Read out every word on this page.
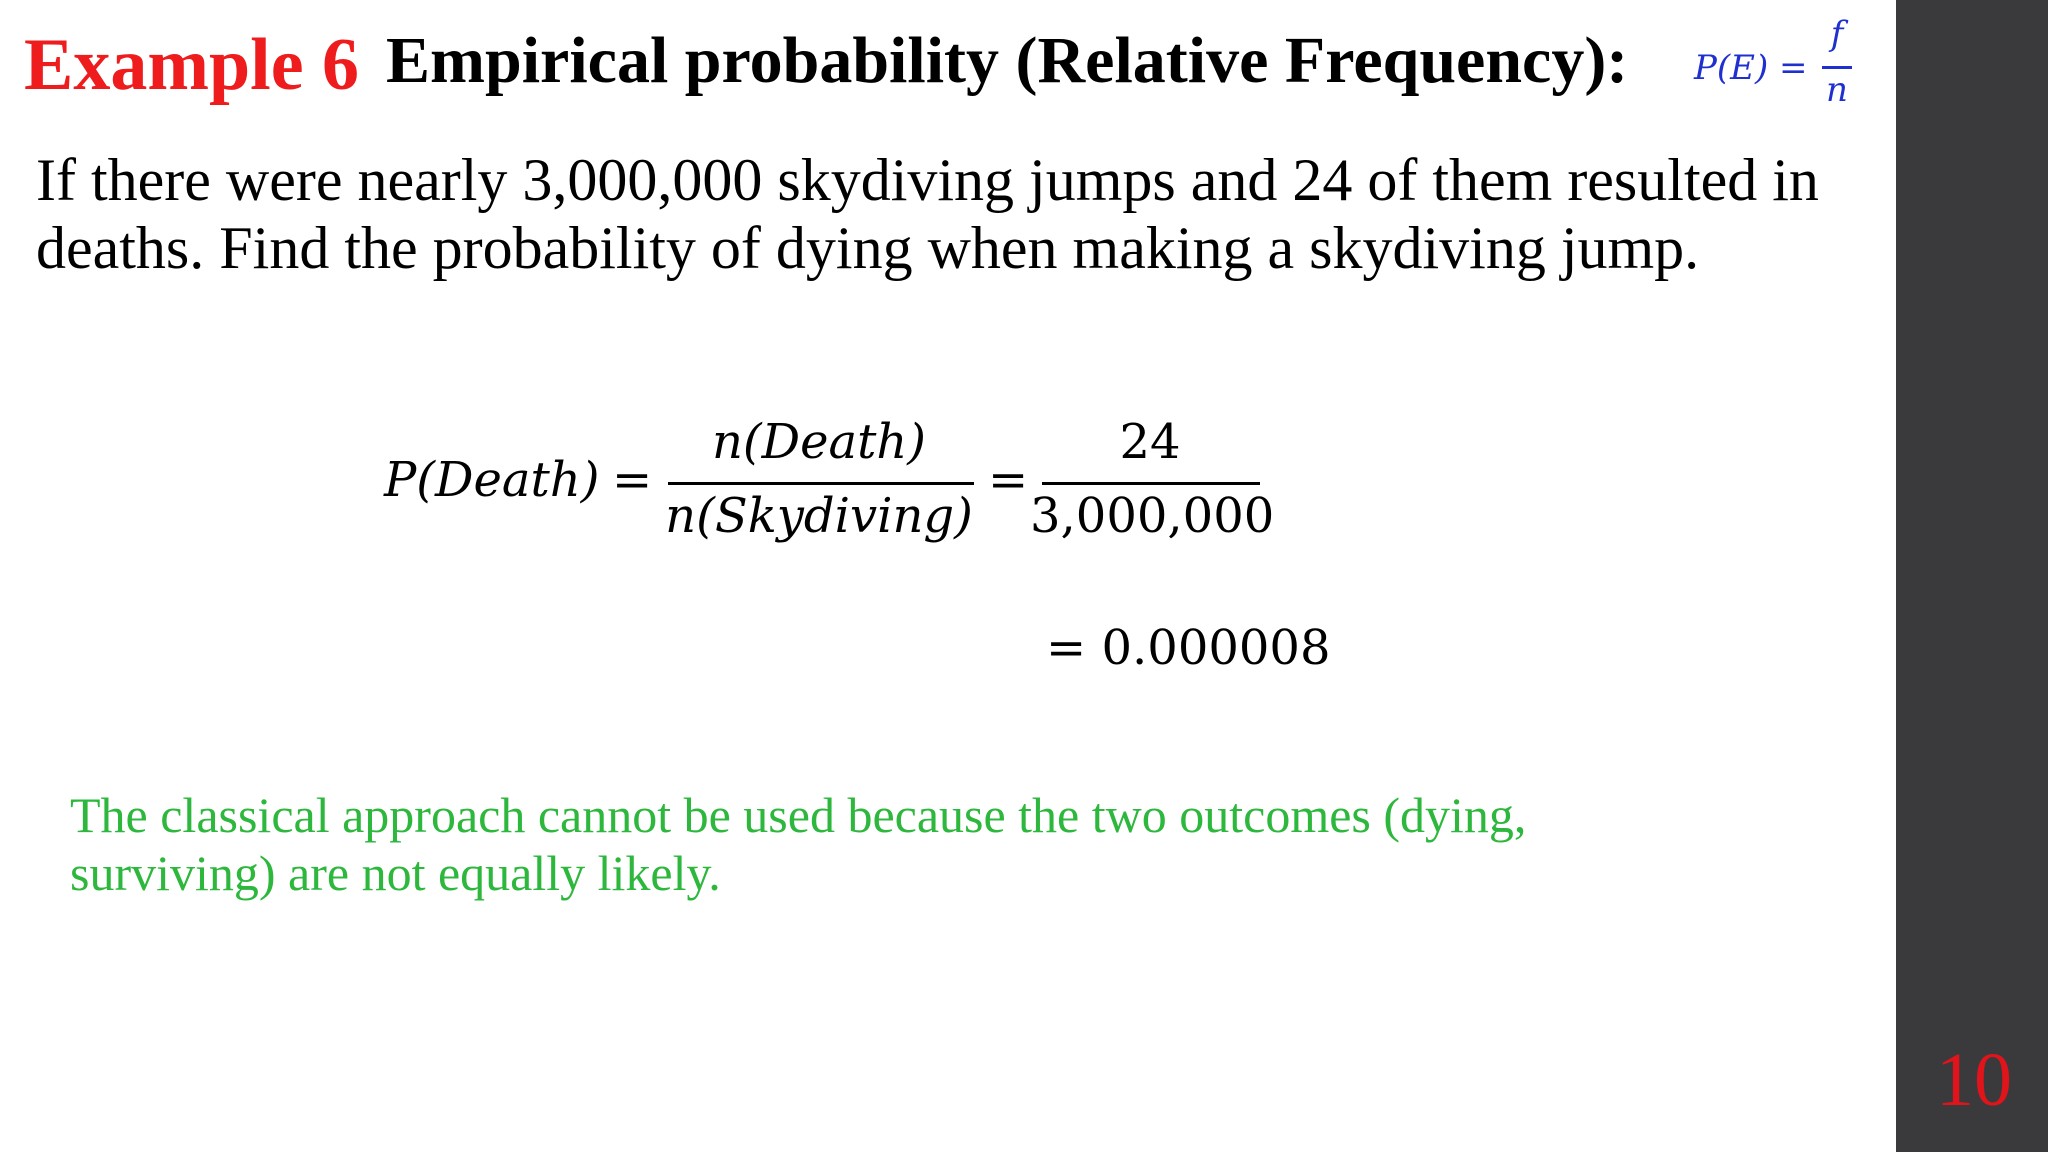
Example 6 Empirical probability (Relative Frequency): P(E) =
f
n

If there were nearly 3,000,000 skydiving jumps and 24 of them resulted in

deaths. Find the probability of dying when making a skydiving jump.

P(Death) =
n(Death)
n(Skydiving)
=
24
3,000,000
= 0.000008

The classical approach cannot be used because the two outcomes (dying,

surviving) are not equally likely.

10
